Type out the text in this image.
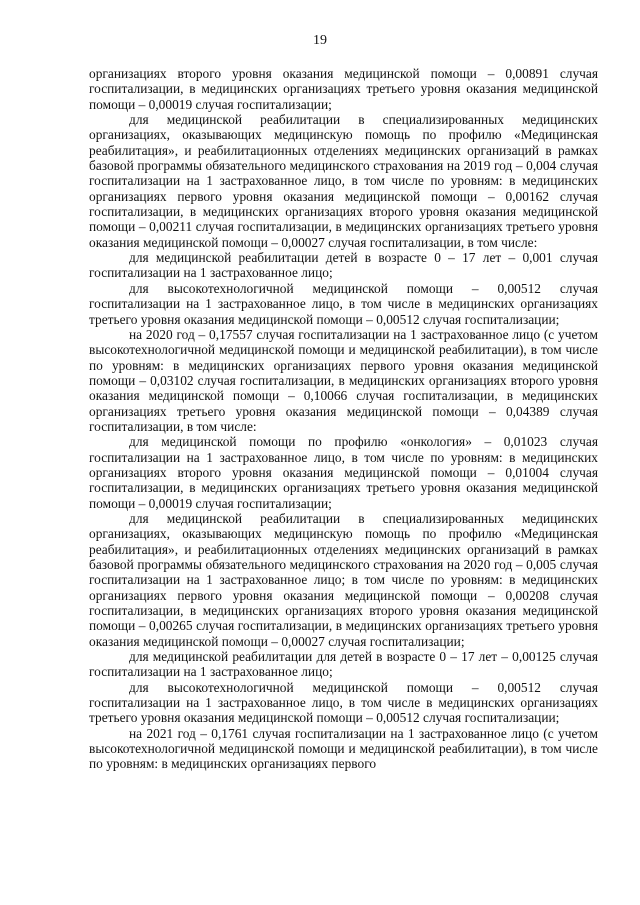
19

организациях второго уровня оказания медицинской помощи – 0,00891 случая госпитализации, в медицинских организациях третьего уровня оказания медицинской помощи – 0,00019 случая госпитализации;

для медицинской реабилитации в специализированных медицинских организациях, оказывающих медицинскую помощь по профилю «Медицинская реабилитация», и реабилитационных отделениях медицинских организаций в рамках базовой программы обязательного медицинского страхования на 2019 год – 0,004 случая госпитализации на 1 застрахованное лицо, в том числе по уровням: в медицинских организациях первого уровня оказания медицинской помощи – 0,00162 случая госпитализации, в медицинских организациях второго уровня оказания медицинской помощи – 0,00211 случая госпитализации, в медицинских организациях третьего уровня оказания медицинской помощи – 0,00027 случая госпитализации, в том числе:

для медицинской реабилитации детей в возрасте 0 – 17 лет – 0,001 случая госпитализации на 1 застрахованное лицо;

для высокотехнологичной медицинской помощи – 0,00512 случая госпитализации на 1 застрахованное лицо, в том числе в медицинских организациях третьего уровня оказания медицинской помощи – 0,00512 случая госпитализации;

на 2020 год – 0,17557 случая госпитализации на 1 застрахованное лицо (с учетом высокотехнологичной медицинской помощи и медицинской реабилитации), в том числе по уровням: в медицинских организациях первого уровня оказания медицинской помощи – 0,03102 случая госпитализации, в медицинских организациях второго уровня оказания медицинской помощи – 0,10066 случая госпитализации, в медицинских организациях третьего уровня оказания медицинской помощи – 0,04389 случая госпитализации, в том числе:

для медицинской помощи по профилю «онкология» – 0,01023 случая госпитализации на 1 застрахованное лицо, в том числе по уровням: в медицинских организациях второго уровня оказания медицинской помощи – 0,01004 случая госпитализации, в медицинских организациях третьего уровня оказания медицинской помощи – 0,00019 случая госпитализации;

для медицинской реабилитации в специализированных медицинских организациях, оказывающих медицинскую помощь по профилю «Медицинская реабилитация», и реабилитационных отделениях медицинских организаций в рамках базовой программы обязательного медицинского страхования на 2020 год – 0,005 случая госпитализации на 1 застрахованное лицо; в том числе по уровням: в медицинских организациях первого уровня оказания медицинской помощи – 0,00208 случая госпитализации, в медицинских организациях второго уровня оказания медицинской помощи – 0,00265 случая госпитализации, в медицинских организациях третьего уровня оказания медицинской помощи – 0,00027 случая госпитализации;

для медицинской реабилитации для детей в возрасте 0 – 17 лет – 0,00125 случая госпитализации на 1 застрахованное лицо;

для высокотехнологичной медицинской помощи – 0,00512 случая госпитализации на 1 застрахованное лицо, в том числе в медицинских организациях третьего уровня оказания медицинской помощи – 0,00512 случая госпитализации;

на 2021 год – 0,1761 случая госпитализации на 1 застрахованное лицо (с учетом высокотехнологичной медицинской помощи и медицинской реабилитации), в том числе по уровням: в медицинских организациях первого
